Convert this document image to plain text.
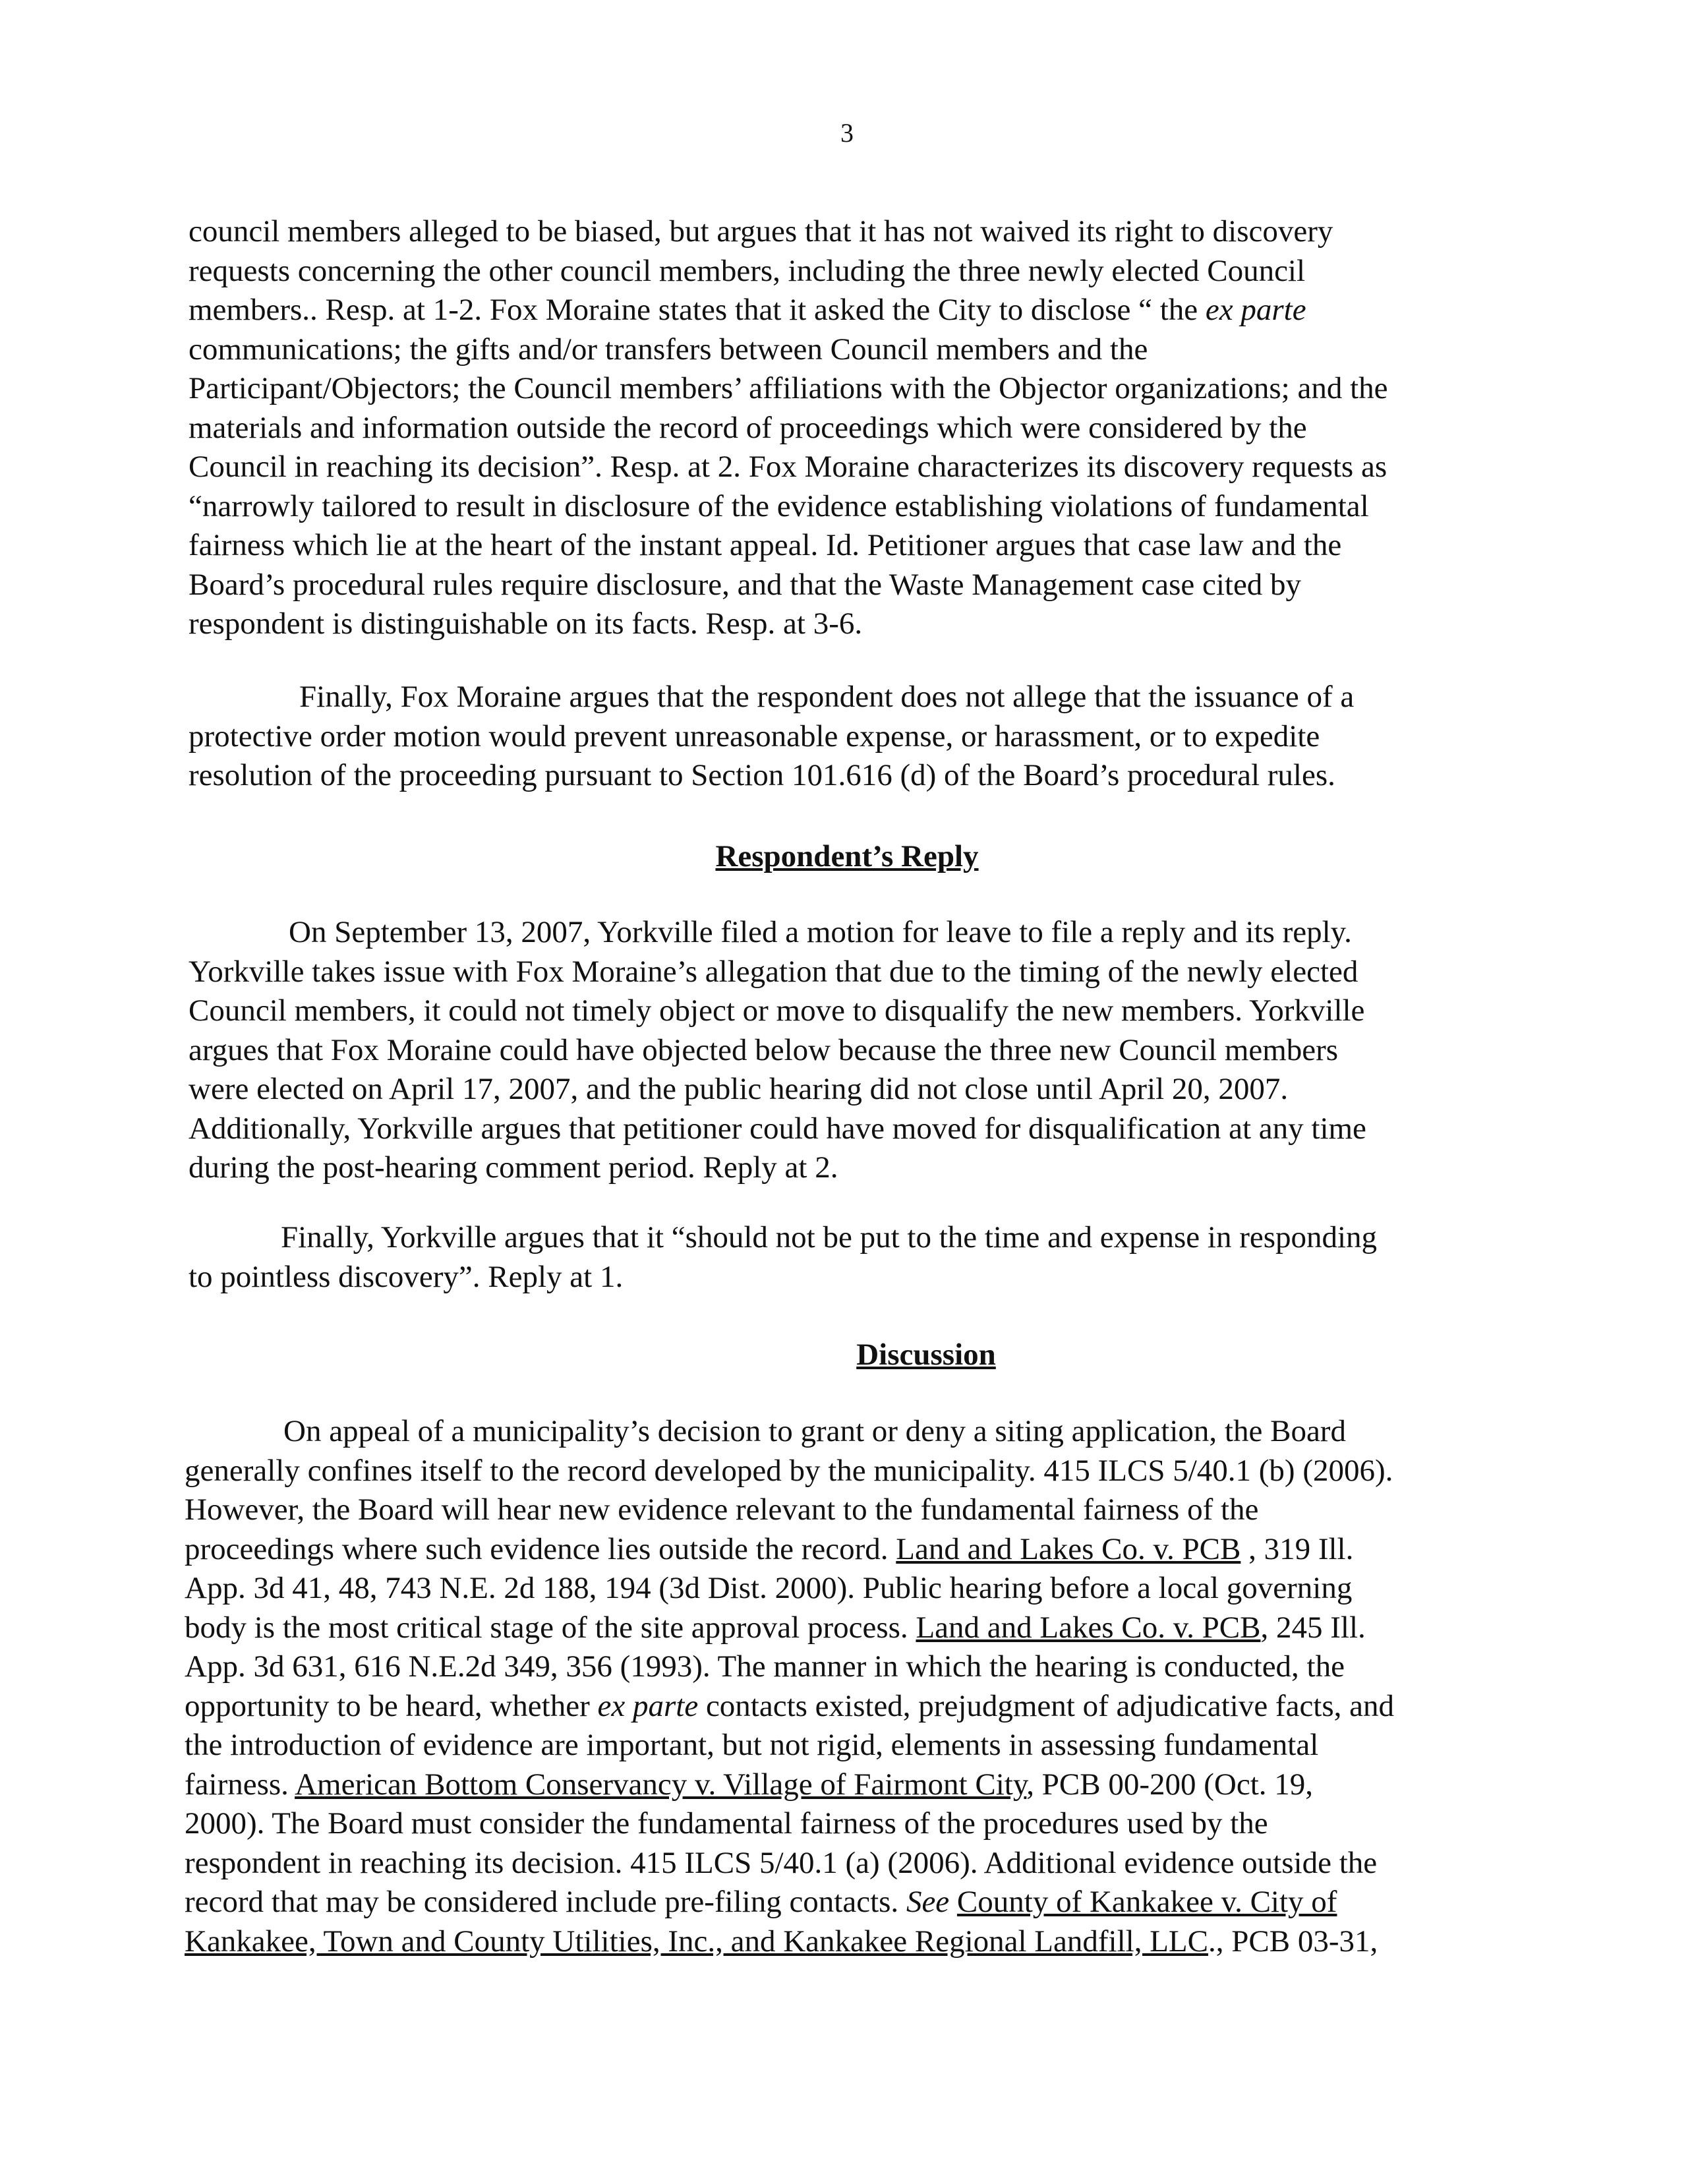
3
council members alleged to be biased, but argues that it has not waived its right to discovery
requests concerning the other council members, including the three newly elected Council
members.. Resp. at 1-2. Fox Moraine states that it asked the City to disclose “ the ex parte
communications; the gifts and/or transfers between Council members and the
Participant/Objectors; the Council members’ affiliations with the Objector organizations; and the
materials and information outside the record of proceedings which were considered by the
Council in reaching its decision”. Resp. at 2. Fox Moraine characterizes its discovery requests as
“narrowly tailored to result in disclosure of the evidence establishing violations of fundamental
fairness which lie at the heart of the instant appeal. Id. Petitioner argues that case law and the
Board’s procedural rules require disclosure, and that the Waste Management case cited by
respondent is distinguishable on its facts. Resp. at 3-6.
Finally, Fox Moraine argues that the respondent does not allege that the issuance of a
protective order motion would prevent unreasonable expense, or harassment, or to expedite
resolution of the proceeding pursuant to Section 101.616 (d) of the Board’s procedural rules.
Respondent’s Reply
On September 13, 2007, Yorkville filed a motion for leave to file a reply and its reply.
Yorkville takes issue with Fox Moraine’s allegation that due to the timing of the newly elected
Council members, it could not timely object or move to disqualify the new members. Yorkville
argues that Fox Moraine could have objected below because the three new Council members
were elected on April 17, 2007, and the public hearing did not close until April 20, 2007.
Additionally, Yorkville argues that petitioner could have moved for disqualification at any time
during the post-hearing comment period. Reply at 2.
Finally, Yorkville argues that it “should not be put to the time and expense in responding
to pointless discovery”. Reply at 1.
Discussion
On appeal of a municipality’s decision to grant or deny a siting application, the Board
generally confines itself to the record developed by the municipality. 415 ILCS 5/40.1 (b) (2006).
However, the Board will hear new evidence relevant to the fundamental fairness of the
proceedings where such evidence lies outside the record. Land and Lakes Co. v. PCB , 319 Ill.
App. 3d 41, 48, 743 N.E. 2d 188, 194 (3d Dist. 2000). Public hearing before a local governing
body is the most critical stage of the site approval process. Land and Lakes Co. v. PCB, 245 Ill.
App. 3d 631, 616 N.E.2d 349, 356 (1993). The manner in which the hearing is conducted, the
opportunity to be heard, whether ex parte contacts existed, prejudgment of adjudicative facts, and
the introduction of evidence are important, but not rigid, elements in assessing fundamental
fairness. American Bottom Conservancy v. Village of Fairmont City, PCB 00-200 (Oct. 19,
2000). The Board must consider the fundamental fairness of the procedures used by the
respondent in reaching its decision. 415 ILCS 5/40.1 (a) (2006). Additional evidence outside the
record that may be considered include pre-filing contacts. See County of Kankakee v. City of
Kankakee, Town and County Utilities, Inc., and Kankakee Regional Landfill, LLC., PCB 03-31,
